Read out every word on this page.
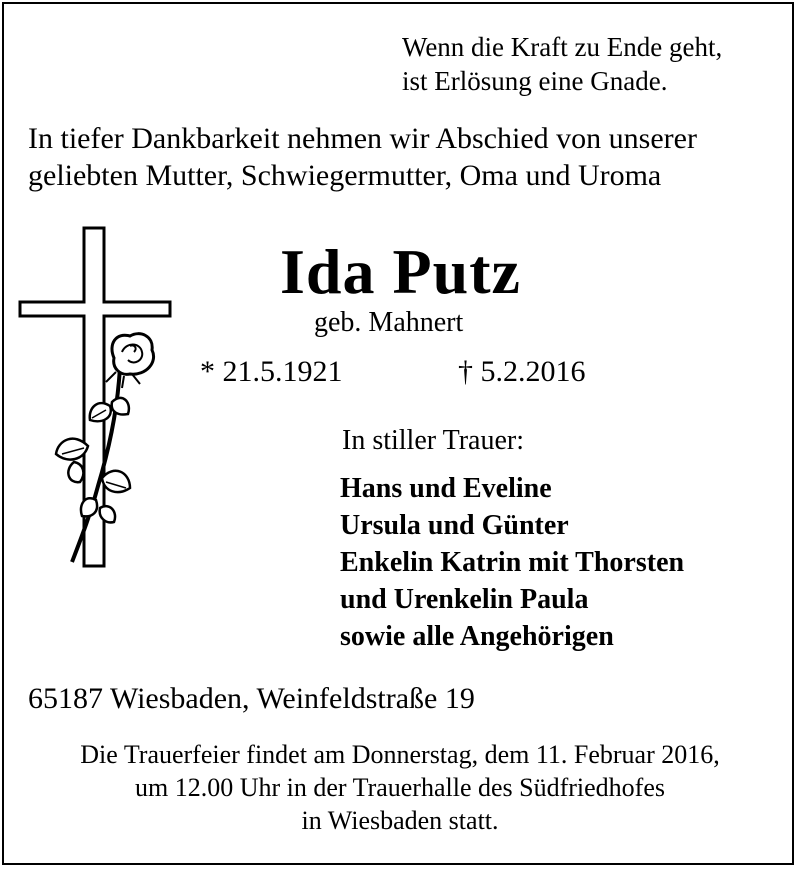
Wenn die Kraft zu Ende geht,
ist Erlösung eine Gnade.
In tiefer Dankbarkeit nehmen wir Abschied von unserer
geliebten Mutter, Schwiegermutter, Oma und Uroma
Ida Putz
geb. Mahnert
* 21.5.1921	† 5.2.2016
In stiller Trauer:
Hans und Eveline
Ursula und Günter
Enkelin Katrin mit Thorsten
und Urenkelin Paula
sowie alle Angehörigen
65187 Wiesbaden, Weinfeldstraße 19
Die Trauerfeier findet am Donnerstag, dem 11. Februar 2016,
um 12.00 Uhr in der Trauerhalle des Südfriedhofes
in Wiesbaden statt.
